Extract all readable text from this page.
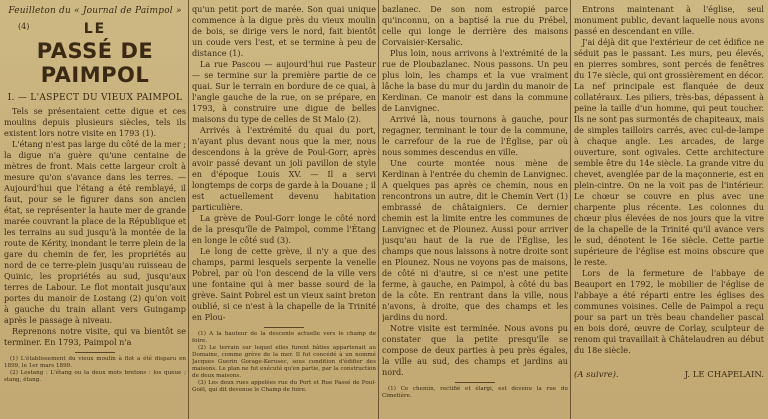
Feuilleton du « Journal de Paimpol »
(4)	LE
PASSÉ DE PAIMPOL
I. — L'ASPECT DU VIEUX PAIMPOL

Tels se présentaient cette digue et ces moulins depuis plusieurs siècles, tels ils existent lors notre visite en 1793 (1).

L'étang n'est pas large du côté de la mer ; la digue n'a guère qu'une centaine de mètres de front. Mais cette largeur croît à mesure qu'on s'avance dans les terres. — Aujourd'hui que l'étang a été remblayé, il faut, pour se le figurer dans son ancien état, se représenter la haute mer de grande marée couvrant la place de la République et les terrains au sud jusqu'à la montée de la route de Kérity, inondant le terre plein de la gare du chemin de fer, les propriétés au nord de ce terre-plein jusqu'au ruisseau de Quinic, les propriétés au sud, jusqu'aux terres de Labour. Le flot montait jusqu'aux portes du manoir de Lostang (2) qu'on voit à gauche du train allant vers Guingamp après le passage à niveau.

Reprenons notre visite, qui va bientôt se terminer. En 1793, Paimpol n'a

(1) L'établissement du vieux moulin à flot a été disparu en 1899, le 1er mars 1899.
(2) Lostang : L'étang ou la deux mots bretons : los queue ; stang, étang.

qu'un petit port de marée. Son quai unique commence à la digue près du vieux moulin de bois, se dirige vers le nord, fait bientôt un coude vers l'est, et se termine à peu de distance (1).

La rue Pascou — aujourd'hui rue Pasteur — se termine sur la première partie de ce quai. Sur le terrain en bordure de ce quai, à l'angle gauche de la rue, on se prépare, en 1793, à construire une digue de belles maisons du type de celles de St Malo (2).

Arrivés à l'extrémité du quai du port, n'ayant plus devant nous que la mer, nous descendons à la grève de Poul-Gorr, après avoir passé devant un joli pavillon de style en d'époque Louis XV. — Il a servi longtemps de corps de garde à la Douane ; il est actuellement devenu habitation particulière.

La grève de Poul-Gorr longe le côté nord de la presqu'île de Paimpol, comme l'Étang en longe le côté sud (3).

Le long de cette grève, il n'y a que des champs, parmi lesquels serpente la venelle Pobrel, par où l'on descend de la ville vers une fontaine qui à mer basse sourd de la grève. Saint Pobrel est un vieux saint breton oublié, si ce n'est à la chapelle de la Trinité en Plou-

(1) A la hauteur de la descente actuelle vers le champ de foire.
(2) Le terrain sur lequel elles furent bâties appartenait au Domaine, comme grève de la mer. Il fut concédé à un nommé Jacques Guerin Gorage-Kerusec, sous condition d'édifier des maisons. Le plan ne fut exécuté qu'en partie, par la construction de deux maisons.
(3) Les deux rues appelées rue du Port et Rue Passé de Poul-Goël, qui dit devenue le Champ de foire.

bazlanec. De son nom estropié parce qu'inconnu, on a baptisé la rue du Prébel, celle qui longe le derrière des maisons Corvaisier-Kersalic.

Plus loin, nous arrivons à l'extrémité de la rue de Ploubazlanec. Nous passons. Un peu plus loin, les champs et la vue vraiment lâche la base du mur du jardin du manoir de Kerdinan. Ce manoir est dans la commune de Lanvignec.

Arrivé là, nous tournons à gauche, pour regagner, terminant le tour de la commune, le carrefour de la rue de l'Église, par où nous sommes descendus en ville.

Une courte montée nous mène de Kerdinan à l'entrée du chemin de Lanvignec. A quelques pas après ce chemin, nous en rencontrons un autre, dit le Chemin Vert (1) embrassé de châtaigniers. Ce dernier chemin est la limite entre les communes de Lanvignec et de Plounez. Aussi pour arriver jusqu'au haut de la rue de l'Église, les champs que nous laissons à notre droite sont en Plounez. Nous ne voyons pas de maisons, de côté ni d'autre, si ce n'est une petite ferme, à gauche, en Paimpol, à côté du bas de la côte. En rentrant dans la ville, nous n'avons, à droite, que des champs et les jardins du nord.

Notre visite est terminée. Nous avons pu constater que la petite presqu'île se compose de deux parties à peu près égales, la ville au sud, des champs et jardins au nord.

(1) Ce chemin, rectifié et élargi, est devenu la rue du Cimetière.

Entrons maintenant à l'église, seul monument public, devant laquelle nous avons passé en descendant en ville.

J'ai déjà dit que l'extérieur de cet édifice ne séduit pas le passant. Les murs, peu élevés, en pierres sombres, sont percés de fenêtres du 17e siècle, qui ont grossièrement en décor. La nef principale est flanquée de deux collatéraux. Les piliers, très-bas, dépassent à peine la taille d'un homme, qui peut toucher. Ils ne sont pas surmontés de chapiteaux, mais de simples tailloirs carrés, avec cul-de-lampe à chaque angle. Les arcades, de large ouverture, sont ogivales. Cette architecture semble être du 14e siècle. La grande vitre du chevet, avenglée par de la maçonnerie, est en plein-cintre. On ne la voit pas de l'intérieur. Le chœur se couvre en plus avec une charpente plus récente. Les colonnes du chœur plus élevées de nos jours que la vitre de la chapelle de la Trinité qu'il avance vers le sud, dénotent le 16e siècle. Cette partie supérieure de l'église est moins obscure que le reste.

Lors de la fermeture de l'abbaye de Beauport en 1792, le mobilier de l'église de l'abbaye a été réparti entre les églises des communes voisines. Celle de Paimpol a reçu pour sa part un très beau chandelier pascal en bois doré, œuvre de Corlay, sculpteur de renom qui travaillait à Châtelaudren au début du 18e siècle.

(A suivre).	J. LE CHAPELAIN.
